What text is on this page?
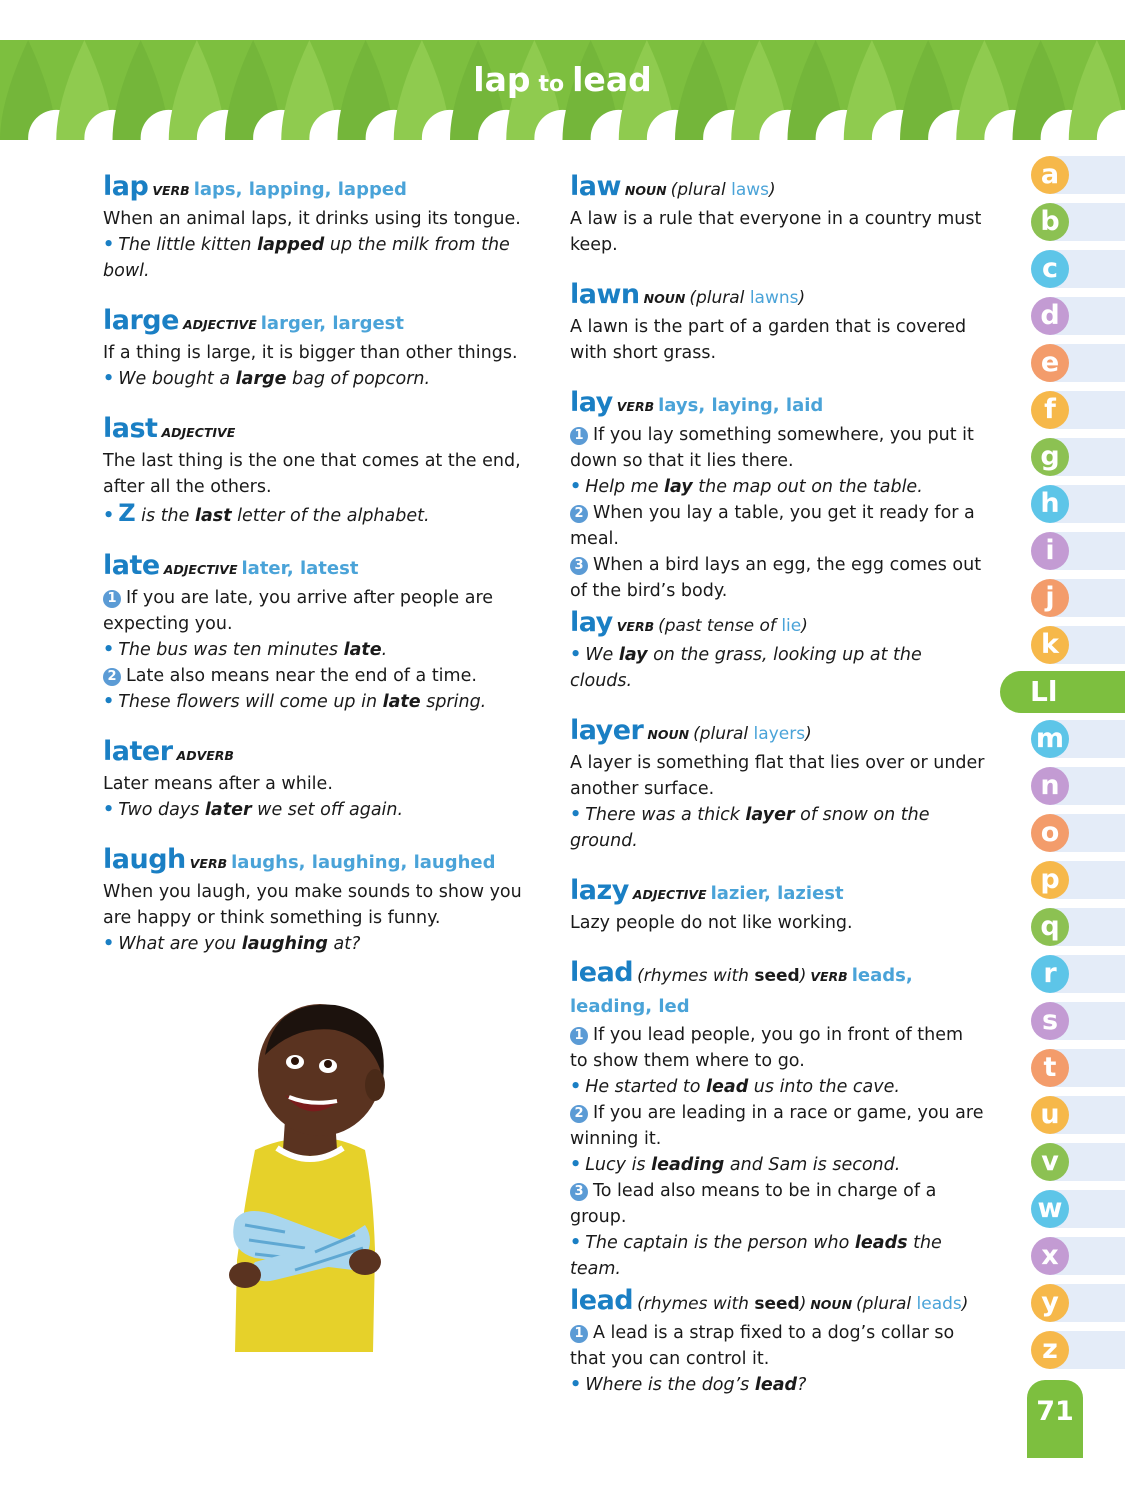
lap to lead
lap VERB laps, lapping, lapped
When an animal laps, it drinks using its tongue.
• The little kitten lapped up the milk from the bowl.
large ADJECTIVE larger, largest
If a thing is large, it is bigger than other things.
• We bought a large bag of popcorn.
last ADJECTIVE
The last thing is the one that comes at the end, after all the others.
• Z is the last letter of the alphabet.
late ADJECTIVE later, latest
1 If you are late, you arrive after people are expecting you.
• The bus was ten minutes late.
2 Late also means near the end of a time.
• These flowers will come up in late spring.
later ADVERB
Later means after a while.
• Two days later we set off again.
laugh VERB laughs, laughing, laughed
When you laugh, you make sounds to show you are happy or think something is funny.
• What are you laughing at?
law NOUN (plural laws)
A law is a rule that everyone in a country must keep.
lawn NOUN (plural lawns)
A lawn is the part of a garden that is covered with short grass.
lay VERB lays, laying, laid
1 If you lay something somewhere, you put it down so that it lies there.
• Help me lay the map out on the table.
2 When you lay a table, you get it ready for a meal.
3 When a bird lays an egg, the egg comes out of the bird’s body.
lay VERB (past tense of lie)
• We lay on the grass, looking up at the clouds.
layer NOUN (plural layers)
A layer is something flat that lies over or under another surface.
• There was a thick layer of snow on the ground.
lazy ADJECTIVE lazier, laziest
Lazy people do not like working.
lead (rhymes with seed) VERB leads, leading, led
1 If you lead people, you go in front of them to show them where to go.
• He started to lead us into the cave.
2 If you are leading in a race or game, you are winning it.
• Lucy is leading and Sam is second.
3 To lead also means to be in charge of a group.
• The captain is the person who leads the team.
lead (rhymes with seed) NOUN (plural leads)
1 A lead is a strap fixed to a dog’s collar so that you can control it.
• Where is the dog’s lead?
a
b
c
d
e
f
g
h
i
j
k
Ll
m
n
o
p
q
r
s
t
u
v
w
x
y
z
71
